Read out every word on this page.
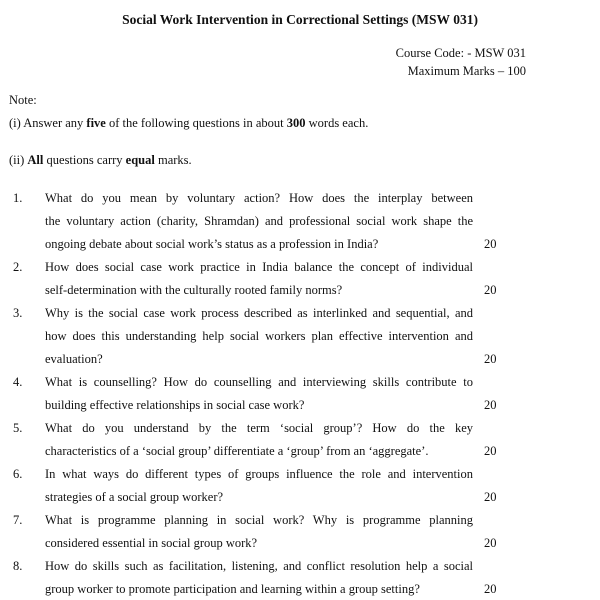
Social Work Intervention in Correctional Settings (MSW 031)
Course Code: - MSW 031
Maximum Marks – 100
Note:
(i) Answer any five of the following questions in about 300 words each.
(ii) All questions carry equal marks.
1. What do you mean by voluntary action? How does the interplay between
the voluntary action (charity, Shramdan) and professional social work shape the
ongoing debate about social work’s status as a profession in India?	20
2. How does social case work practice in India balance the concept of individual
self-determination with the culturally rooted family norms?	20
3. Why is the social case work process described as interlinked and sequential, and
how does this understanding help social workers plan effective intervention and
evaluation?	20
4. What is counselling? How do counselling and interviewing skills contribute to
building effective relationships in social case work?	20
5. What do you understand by the term ‘social group’? How do the key
characteristics of a ‘social group’ differentiate a ‘group’ from an ‘aggregate’.	20
6. In what ways do different types of groups influence the role and intervention
strategies of a social group worker?	20
7. What is programme planning in social work? Why is programme planning
considered essential in social group work?	20
8. How do skills such as facilitation, listening, and conflict resolution help a social
group worker to promote participation and learning within a group setting?	20
